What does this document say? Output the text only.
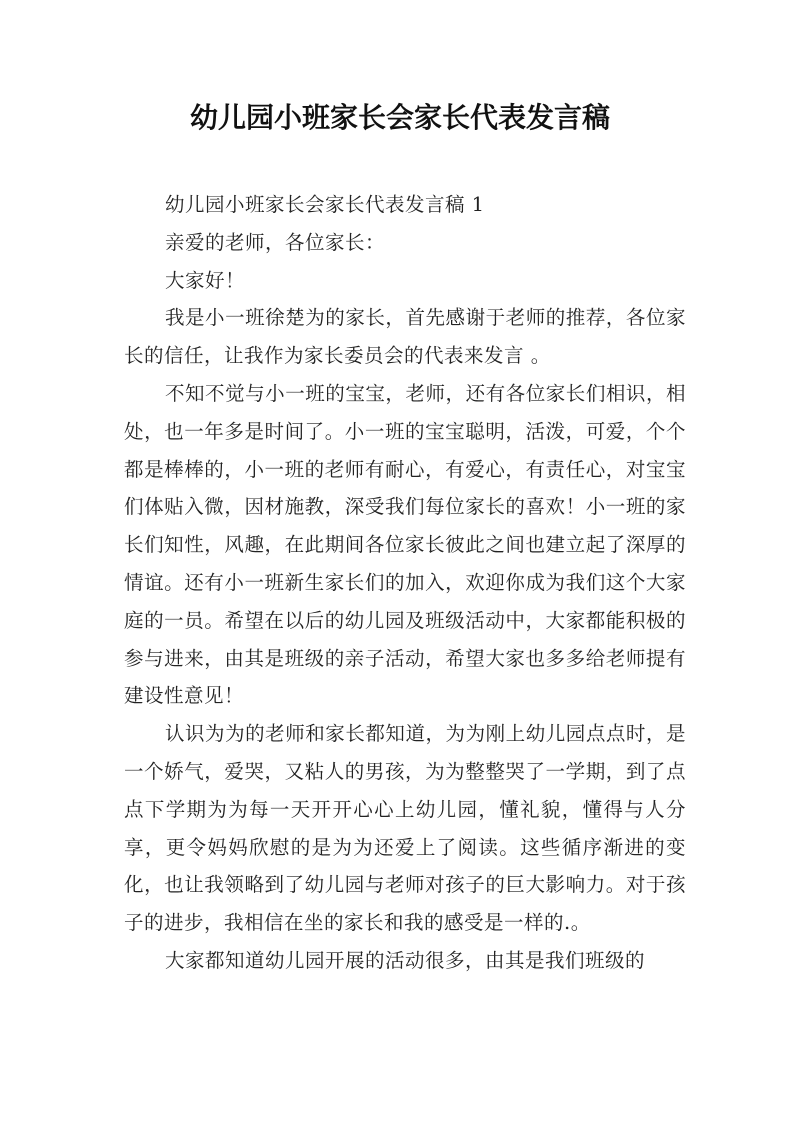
幼儿园小班家长会家长代表发言稿

幼儿园小班家长会家长代表发言稿 1

亲爱的老师，各位家长：

大家好！

我是小一班徐楚为的家长，首先感谢于老师的推荐，各位家长的信任，让我作为家长委员会的代表来发言 。

不知不觉与小一班的宝宝，老师，还有各位家长们相识，相处，也一年多是时间了。小一班的宝宝聪明，活泼，可爱，个个都是棒棒的，小一班的老师有耐心，有爱心，有责任心，对宝宝们体贴入微，因材施教，深受我们每位家长的喜欢！小一班的家长们知性，风趣，在此期间各位家长彼此之间也建立起了深厚的情谊。还有小一班新生家长们的加入，欢迎你成为我们这个大家庭的一员。希望在以后的幼儿园及班级活动中，大家都能积极的参与进来，由其是班级的亲子活动，希望大家也多多给老师提有建设性意见！

认识为为的老师和家长都知道，为为刚上幼儿园点点时，是一个娇气，爱哭，又粘人的男孩，为为整整哭了一学期，到了点点下学期为为每一天开开心心上幼儿园，懂礼貌，懂得与人分享，更令妈妈欣慰的是为为还爱上了阅读。这些循序渐进的变化，也让我领略到了幼儿园与老师对孩子的巨大影响力。对于孩子的进步，我相信在坐的家长和我的感受是一样的.。

大家都知道幼儿园开展的活动很多，由其是我们班级的
